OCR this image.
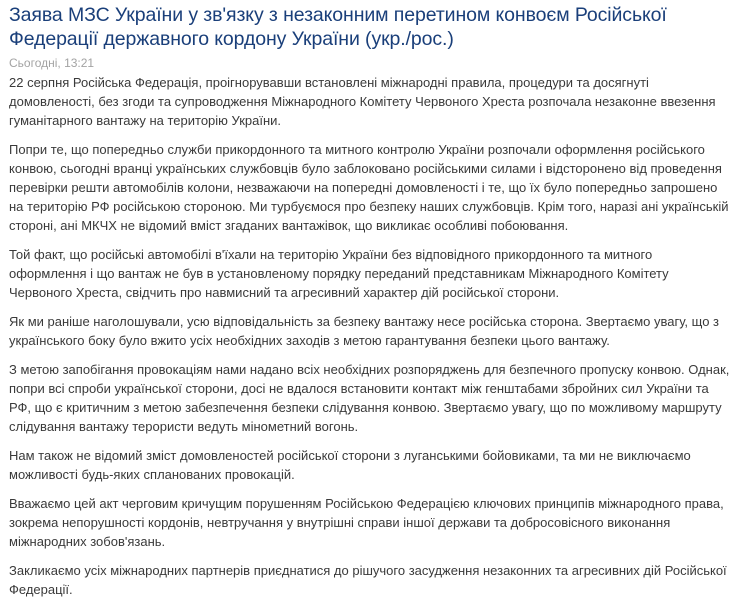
Заява МЗС України у зв'язку з незаконним перетином конвоєм Російської Федерації державного кордону України (укр./рос.)
Сьогодні, 13:21

22 серпня Російська Федерація, проігнорувавши встановлені міжнародні правила, процедури та досягнуті домовленості, без згоди та супроводження Міжнародного Комітету Червоного Хреста розпочала незаконне ввезення гуманітарного вантажу на територію України.

Попри те, що попередньо служби прикордонного та митного контролю України розпочали оформлення російського конвою, сьогодні вранці українських службовців було заблоковано російськими силами і відсторонено від проведення перевірки решти автомобілів колони, незважаючи на попередні домовленості і те, що їх було попередньо запрошено на територію РФ російською стороною. Ми турбуємося про безпеку наших службовців. Крім того, наразі ані українській стороні, ані МКЧХ не відомий вміст згаданих вантажівок, що викликає особливі побоювання.

Той факт, що російські автомобілі в'їхали на територію України без відповідного прикордонного та митного оформлення і що вантаж не був в установленому порядку переданий представникам Міжнародного Комітету Червоного Хреста, свідчить про навмисний та агресивний характер дій російської сторони.

Як ми раніше наголошували, усю відповідальність за безпеку вантажу несе російська сторона. Звертаємо увагу, що з українського боку було вжито усіх необхідних заходів з метою гарантування безпеки цього вантажу.

З метою запобігання провокаціям нами надано всіх необхідних розпоряджень для безпечного пропуску конвою. Однак, попри всі спроби української сторони, досі не вдалося встановити контакт між генштабами збройних сил України та РФ, що є критичним з метою забезпечення безпеки слідування конвою. Звертаємо увагу, що по можливому маршруту слідування вантажу терористи ведуть мінометний вогонь.

Нам також не відомий зміст домовленостей російської сторони з луганськими бойовиками, та ми не виключаємо можливості будь-яких спланованих провокацій.

Вважаємо цей акт черговим кричущим порушенням Російською Федерацією ключових принципів міжнародного права, зокрема непорушності кордонів, невтручання у внутрішні справи іншої держави та добросовісного виконання міжнародних зобов'язань.

Закликаємо усіх міжнародних партнерів приєднатися до рішучого засудження незаконних та агресивних дій Російської Федерації.
